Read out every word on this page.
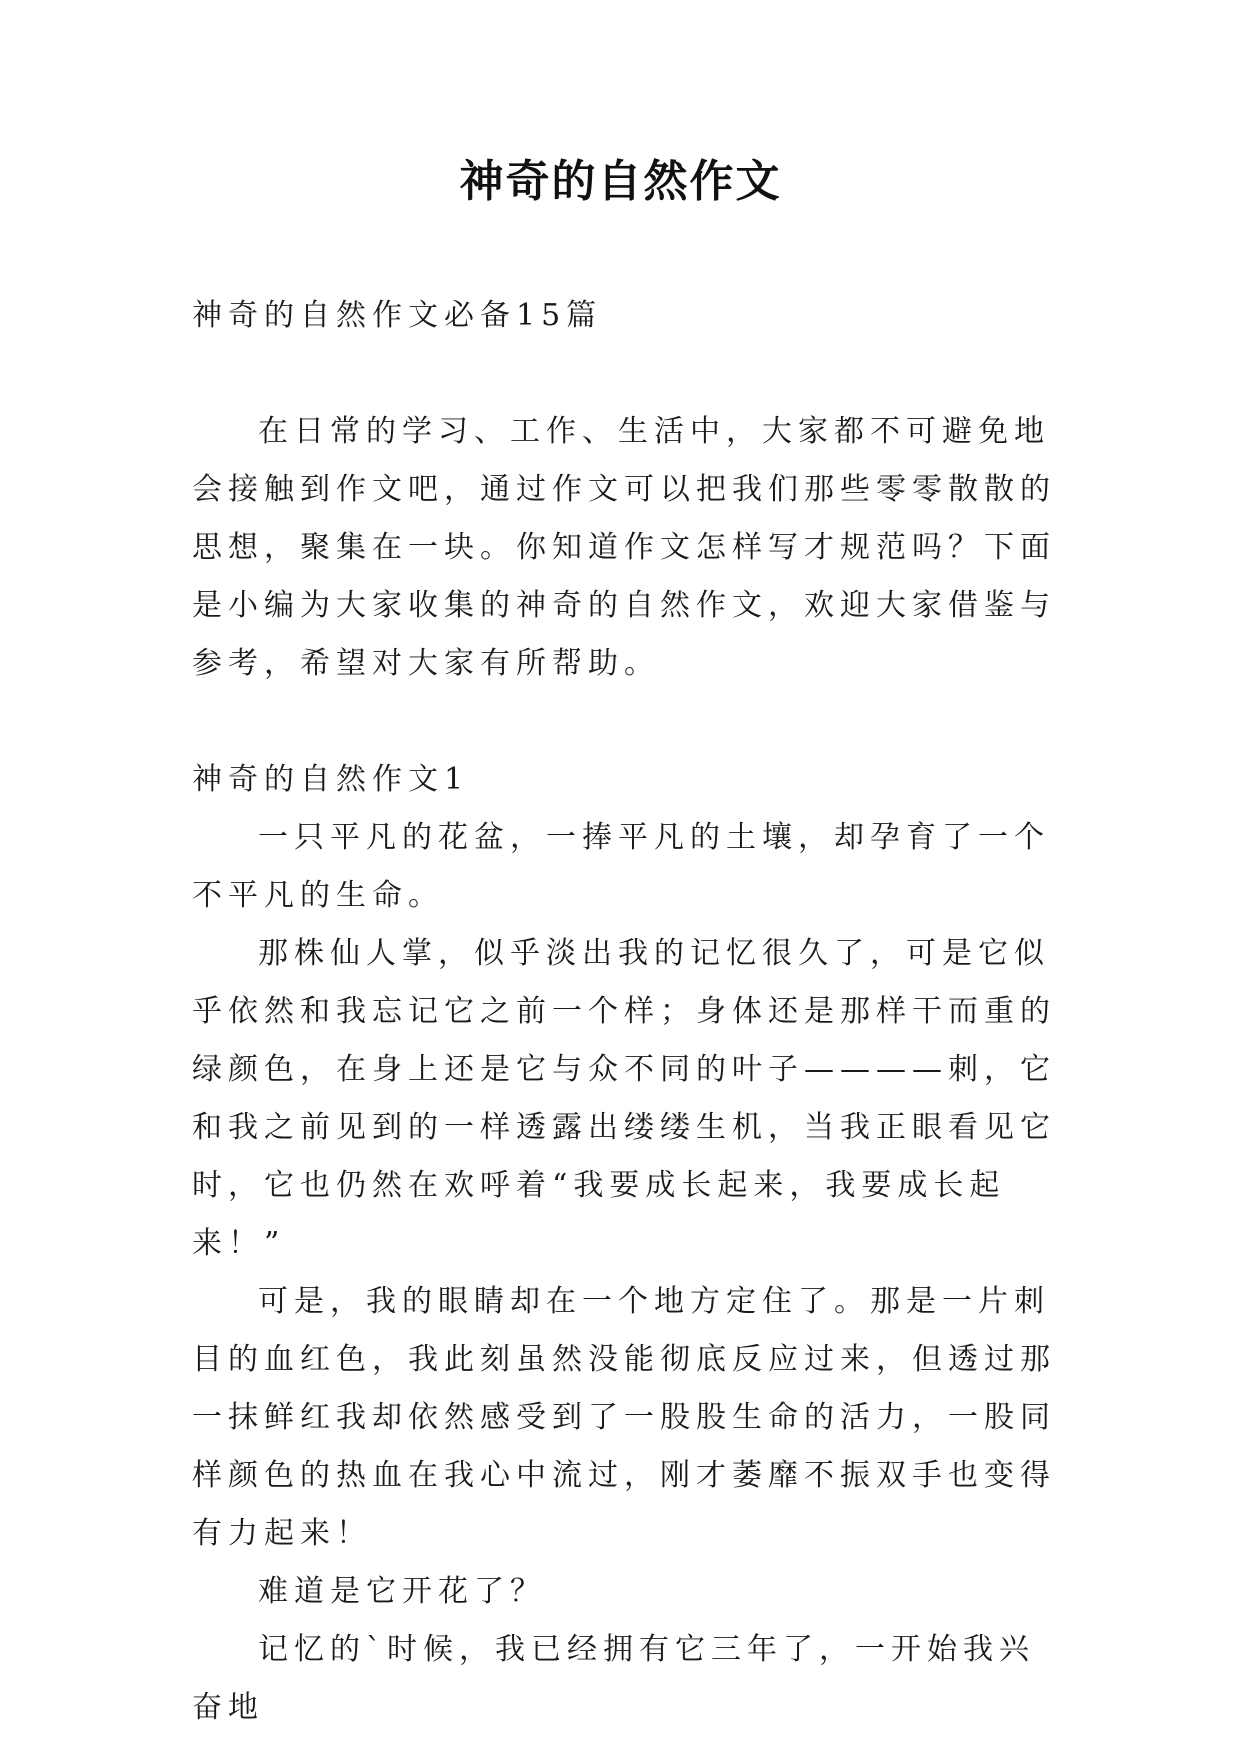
神奇的自然作文

神奇的自然作文必备15篇

在日常的学习、工作、生活中，大家都不可避免地会接触到作文吧，通过作文可以把我们那些零零散散的思想，聚集在一块。你知道作文怎样写才规范吗？下面是小编为大家收集的神奇的自然作文，欢迎大家借鉴与参考，希望对大家有所帮助。

神奇的自然作文1

一只平凡的花盆，一捧平凡的土壤，却孕育了一个不平凡的生命。

那株仙人掌，似乎淡出我的记忆很久了，可是它似乎依然和我忘记它之前一个样；身体还是那样干而重的绿颜色，在身上还是它与众不同的叶子————刺，它和我之前见到的一样透露出缕缕生机，当我正眼看见它时，它也仍然在欢呼着“我要成长起来，我要成长起来！”

可是，我的眼睛却在一个地方定住了。那是一片刺目的血红色，我此刻虽然没能彻底反应过来，但透过那一抹鲜红我却依然感受到了一股股生命的活力，一股同样颜色的热血在我心中流过，刚才萎靡不振双手也变得有力起来！

难道是它开花了？

记忆的`时候，我已经拥有它三年了，一开始我兴奋地
